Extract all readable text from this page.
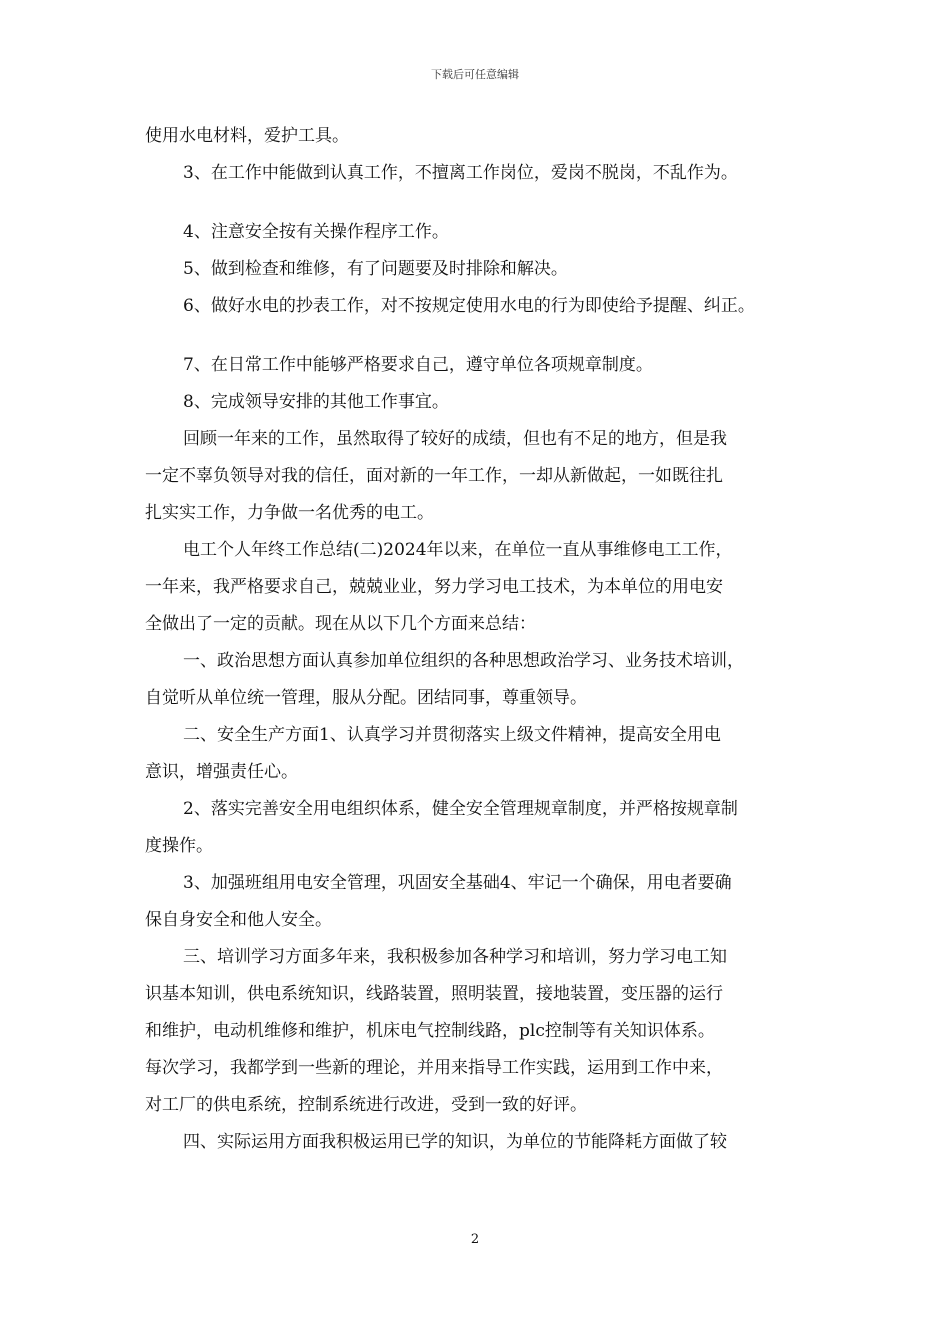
下载后可任意编辑
使用水电材料，爱护工具。
3、在工作中能做到认真工作，不擅离工作岗位，爱岗不脱岗，不乱作为。
4、注意安全按有关操作程序工作。
5、做到检查和维修，有了问题要及时排除和解决。
6、做好水电的抄表工作，对不按规定使用水电的行为即使给予提醒、纠正。
7、在日常工作中能够严格要求自己，遵守单位各项规章制度。
8、完成领导安排的其他工作事宜。
回顾一年来的工作，虽然取得了较好的成绩，但也有不足的地方，但是我
一定不辜负领导对我的信任，面对新的一年工作，一却从新做起，一如既往扎
扎实实工作，力争做一名优秀的电工。
电工个人年终工作总结(二)2024年以来，在单位一直从事维修电工工作，
一年来，我严格要求自己，兢兢业业，努力学习电工技术，为本单位的用电安
全做出了一定的贡献。现在从以下几个方面来总结：
一、政治思想方面认真参加单位组织的各种思想政治学习、业务技术培训，
自觉听从单位统一管理，服从分配。团结同事，尊重领导。
二、安全生产方面1、认真学习并贯彻落实上级文件精神，提高安全用电
意识，增强责任心。
2、落实完善安全用电组织体系，健全安全管理规章制度，并严格按规章制
度操作。
3、加强班组用电安全管理，巩固安全基础4、牢记一个确保，用电者要确
保自身安全和他人安全。
三、培训学习方面多年来，我积极参加各种学习和培训，努力学习电工知
识基本知训，供电系统知识，线路装置，照明装置，接地装置，变压器的运行
和维护，电动机维修和维护，机床电气控制线路，plc控制等有关知识体系。
每次学习，我都学到一些新的理论，并用来指导工作实践，运用到工作中来，
对工厂的供电系统，控制系统进行改进，受到一致的好评。
四、实际运用方面我积极运用已学的知识，为单位的节能降耗方面做了较
2
